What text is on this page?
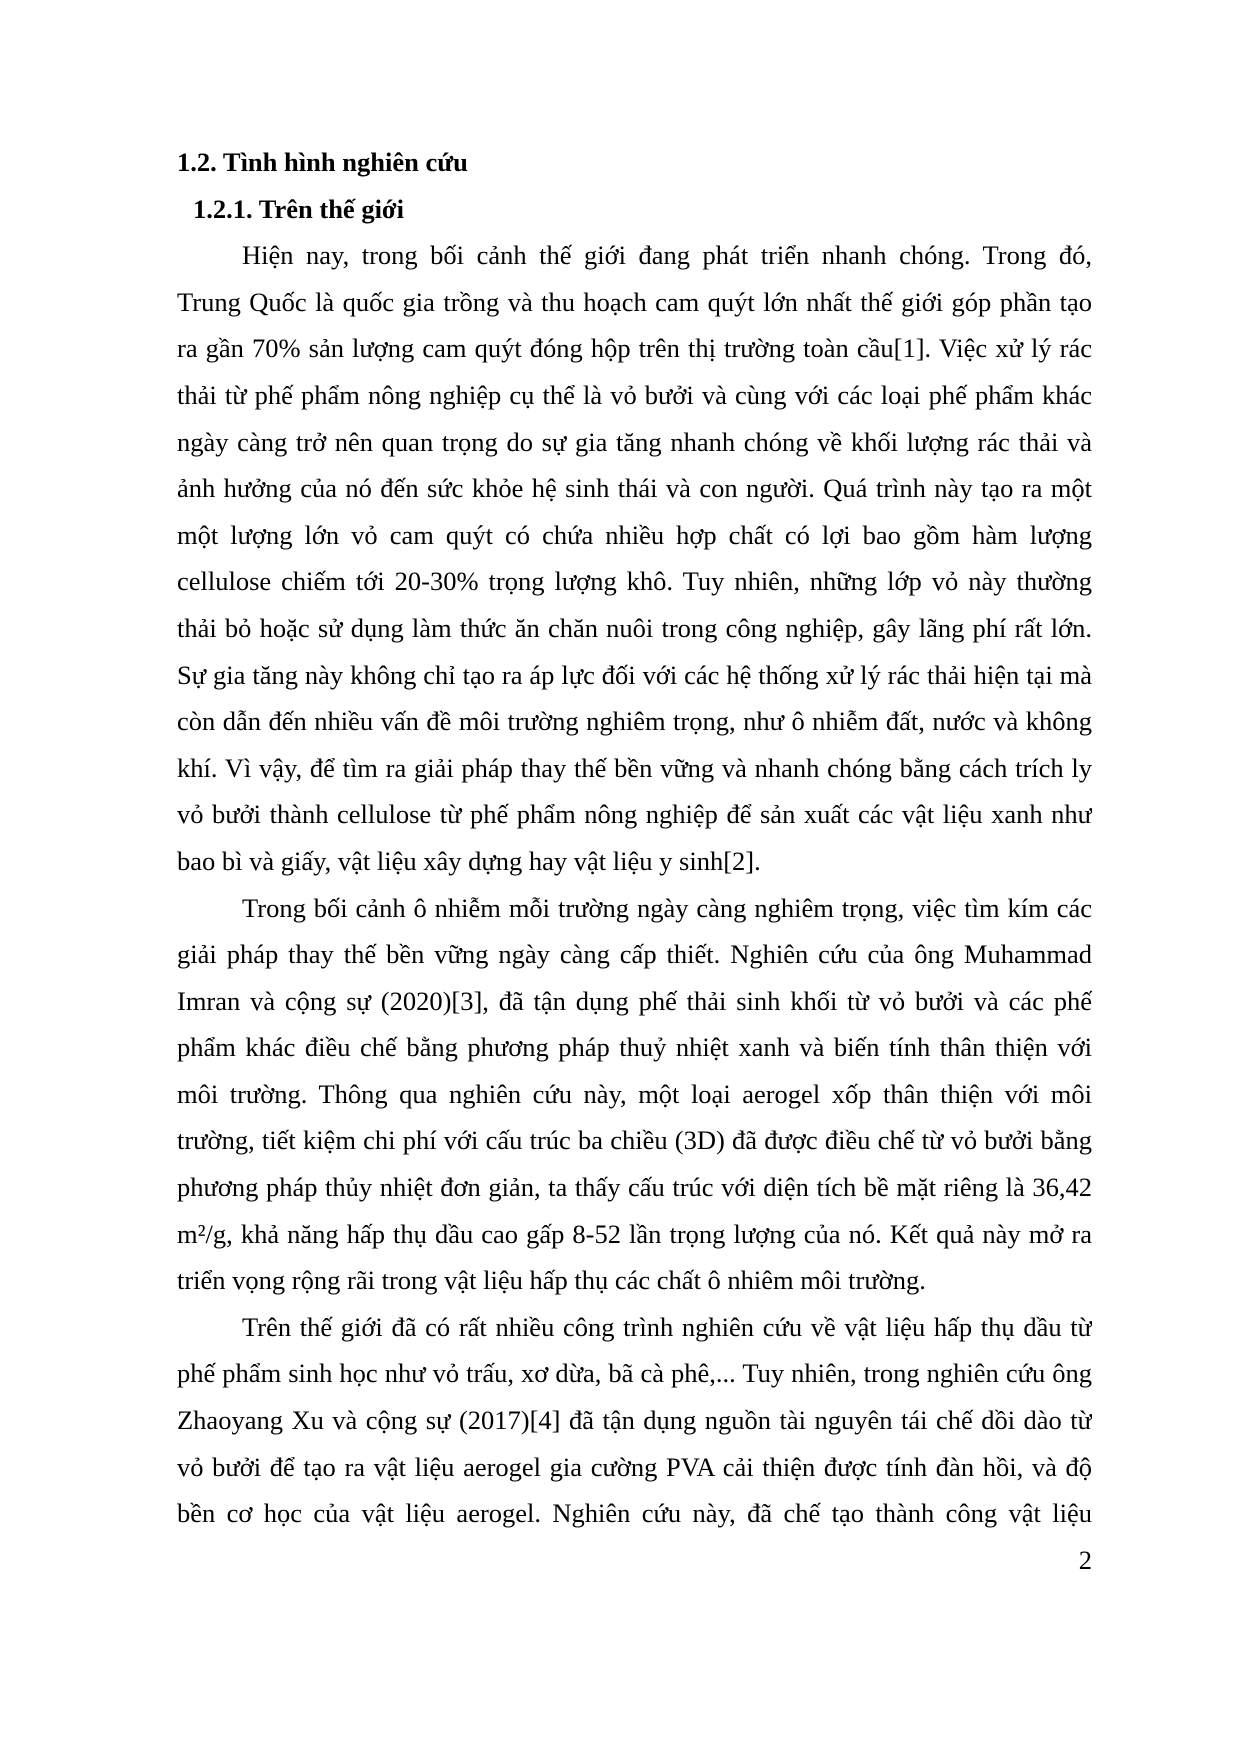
1.2. Tình hình nghiên cứu
1.2.1. Trên thế giới
Hiện nay, trong bối cảnh thế giới đang phát triển nhanh chóng. Trong đó,
Trung Quốc là quốc gia trồng và thu hoạch cam quýt lớn nhất thế giới góp phần tạo
ra gần 70% sản lượng cam quýt đóng hộp trên thị trường toàn cầu[1]. Việc xử lý rác
thải từ phế phẩm nông nghiệp cụ thể là vỏ bưởi và cùng với các loại phế phẩm khác
ngày càng trở nên quan trọng do sự gia tăng nhanh chóng về khối lượng rác thải và
ảnh hưởng của nó đến sức khỏe hệ sinh thái và con người. Quá trình này tạo ra một
một lượng lớn vỏ cam quýt có chứa nhiều hợp chất có lợi bao gồm hàm lượng
cellulose chiếm tới 20-30% trọng lượng khô. Tuy nhiên, những lớp vỏ này thường
thải bỏ hoặc sử dụng làm thức ăn chăn nuôi trong công nghiệp, gây lãng phí rất lớn.
Sự gia tăng này không chỉ tạo ra áp lực đối với các hệ thống xử lý rác thải hiện tại mà
còn dẫn đến nhiều vấn đề môi trường nghiêm trọng, như ô nhiễm đất, nước và không
khí. Vì vậy, để tìm ra giải pháp thay thế bền vững và nhanh chóng bằng cách trích ly
vỏ bưởi thành cellulose từ phế phẩm nông nghiệp để sản xuất các vật liệu xanh như
bao bì và giấy, vật liệu xây dựng hay vật liệu y sinh[2].
Trong bối cảnh ô nhiễm mỗi trường ngày càng nghiêm trọng, việc tìm kím các
giải pháp thay thế bền vững ngày càng cấp thiết. Nghiên cứu của ông Muhammad
Imran và cộng sự (2020)[3], đã tận dụng phế thải sinh khối từ vỏ bưởi và các phế
phẩm khác điều chế bằng phương pháp thuỷ nhiệt xanh và biến tính thân thiện với
môi trường. Thông qua nghiên cứu này, một loại aerogel xốp thân thiện với môi
trường, tiết kiệm chi phí với cấu trúc ba chiều (3D) đã được điều chế từ vỏ bưởi bằng
phương pháp thủy nhiệt đơn giản, ta thấy cấu trúc với diện tích bề mặt riêng là 36,42
m²/g, khả năng hấp thụ dầu cao gấp 8-52 lần trọng lượng của nó. Kết quả này mở ra
triển vọng rộng rãi trong vật liệu hấp thụ các chất ô nhiêm môi trường.
Trên thế giới đã có rất nhiều công trình nghiên cứu về vật liệu hấp thụ dầu từ
phế phẩm sinh học như vỏ trấu, xơ dừa, bã cà phê,... Tuy nhiên, trong nghiên cứu ông
Zhaoyang Xu và cộng sự (2017)[4] đã tận dụng nguồn tài nguyên tái chế dồi dào từ
vỏ bưởi để tạo ra vật liệu aerogel gia cường PVA cải thiện được tính đàn hồi, và độ
bền cơ học của vật liệu aerogel. Nghiên cứu này, đã chế tạo thành công vật liệu
2
